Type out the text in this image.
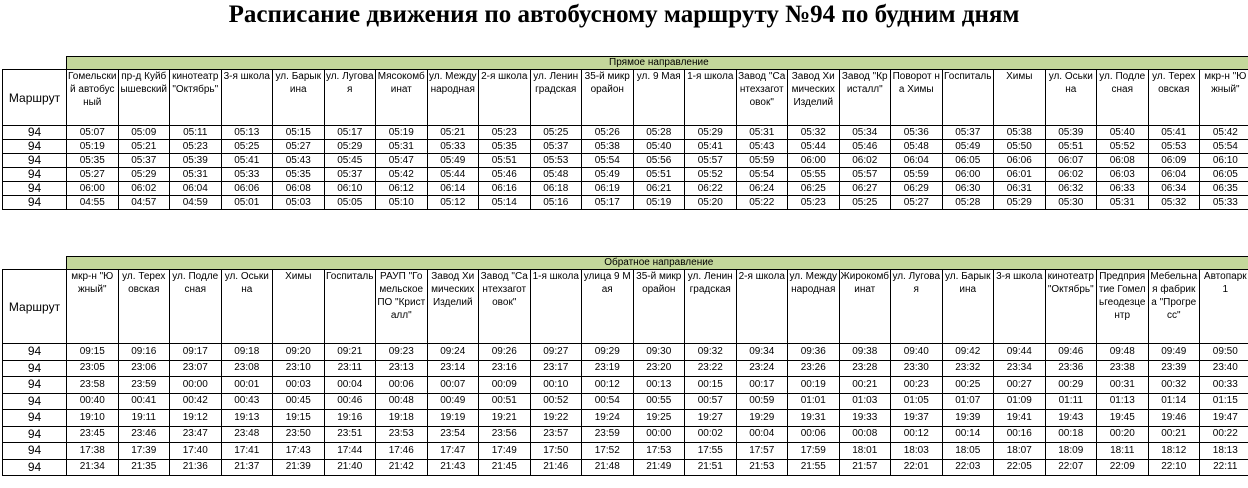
Расписание движения по автобусному маршруту №94 по будним дням
	Прямое направление																						
Маршрут	Гомельский автобусный	пр-д Куйбышевский	кинотеатр "Октябрь"	3-я школа	ул. Барыкина	ул. Луговая	Мясокомбинат	ул. Международная	2-я школа	ул. Ленинградская	35-й микрорайон	ул. 9 Мая	1-я школа	Завод "Сантехзаготовок"	Завод Химических Изделий	Завод "Кристалл"	Поворот на Химы	Госпиталь	Химы	ул. Оськина	ул. Подлесная	ул. Тереховская	мкр-н "Южный"
94	05:07	05:09	05:11	05:13	05:15	05:17	05:19	05:21	05:23	05:25	05:26	05:28	05:29	05:31	05:32	05:34	05:36	05:37	05:38	05:39	05:40	05:41	05:42
94	05:19	05:21	05:23	05:25	05:27	05:29	05:31	05:33	05:35	05:37	05:38	05:40	05:41	05:43	05:44	05:46	05:48	05:49	05:50	05:51	05:52	05:53	05:54
94	05:35	05:37	05:39	05:41	05:43	05:45	05:47	05:49	05:51	05:53	05:54	05:56	05:57	05:59	06:00	06:02	06:04	06:05	06:06	06:07	06:08	06:09	06:10
94	05:27	05:29	05:31	05:33	05:35	05:37	05:42	05:44	05:46	05:48	05:49	05:51	05:52	05:54	05:55	05:57	05:59	06:00	06:01	06:02	06:03	06:04	06:05
94	06:00	06:02	06:04	06:06	06:08	06:10	06:12	06:14	06:16	06:18	06:19	06:21	06:22	06:24	06:25	06:27	06:29	06:30	06:31	06:32	06:33	06:34	06:35
94	04:55	04:57	04:59	05:01	05:03	05:05	05:10	05:12	05:14	05:16	05:17	05:19	05:20	05:22	05:23	05:25	05:27	05:28	05:29	05:30	05:31	05:32	05:33
	Обратное направление																						
Маршрут	мкр-н "Южный"	ул. Тереховская	ул. Подлесная	ул. Оськина	Химы	Госпиталь	РАУП "Гомельское ПО "Кристалл"	Завод Химических Изделий	Завод "Сантехзаготовок"	1-я школа	улица 9 Мая	35-й микрорайон	ул. Ленинградская	2-я школа	ул. Международная	Жирокомбинат	ул. Луговая	ул. Барыкина	3-я школа	кинотеатр "Октябрь"	Предприятие Гомельгеодезцентр	Мебельная фабрика "Прогресс"	Автопарк 1
94	09:15	09:16	09:17	09:18	09:20	09:21	09:23	09:24	09:26	09:27	09:29	09:30	09:32	09:34	09:36	09:38	09:40	09:42	09:44	09:46	09:48	09:49	09:50
94	23:05	23:06	23:07	23:08	23:10	23:11	23:13	23:14	23:16	23:17	23:19	23:20	23:22	23:24	23:26	23:28	23:30	23:32	23:34	23:36	23:38	23:39	23:40
94	23:58	23:59	00:00	00:01	00:03	00:04	00:06	00:07	00:09	00:10	00:12	00:13	00:15	00:17	00:19	00:21	00:23	00:25	00:27	00:29	00:31	00:32	00:33
94	00:40	00:41	00:42	00:43	00:45	00:46	00:48	00:49	00:51	00:52	00:54	00:55	00:57	00:59	01:01	01:03	01:05	01:07	01:09	01:11	01:13	01:14	01:15
94	19:10	19:11	19:12	19:13	19:15	19:16	19:18	19:19	19:21	19:22	19:24	19:25	19:27	19:29	19:31	19:33	19:37	19:39	19:41	19:43	19:45	19:46	19:47
94	23:45	23:46	23:47	23:48	23:50	23:51	23:53	23:54	23:56	23:57	23:59	00:00	00:02	00:04	00:06	00:08	00:12	00:14	00:16	00:18	00:20	00:21	00:22
94	17:38	17:39	17:40	17:41	17:43	17:44	17:46	17:47	17:49	17:50	17:52	17:53	17:55	17:57	17:59	18:01	18:03	18:05	18:07	18:09	18:11	18:12	18:13
94	21:34	21:35	21:36	21:37	21:39	21:40	21:42	21:43	21:45	21:46	21:48	21:49	21:51	21:53	21:55	21:57	22:01	22:03	22:05	22:07	22:09	22:10	22:11
